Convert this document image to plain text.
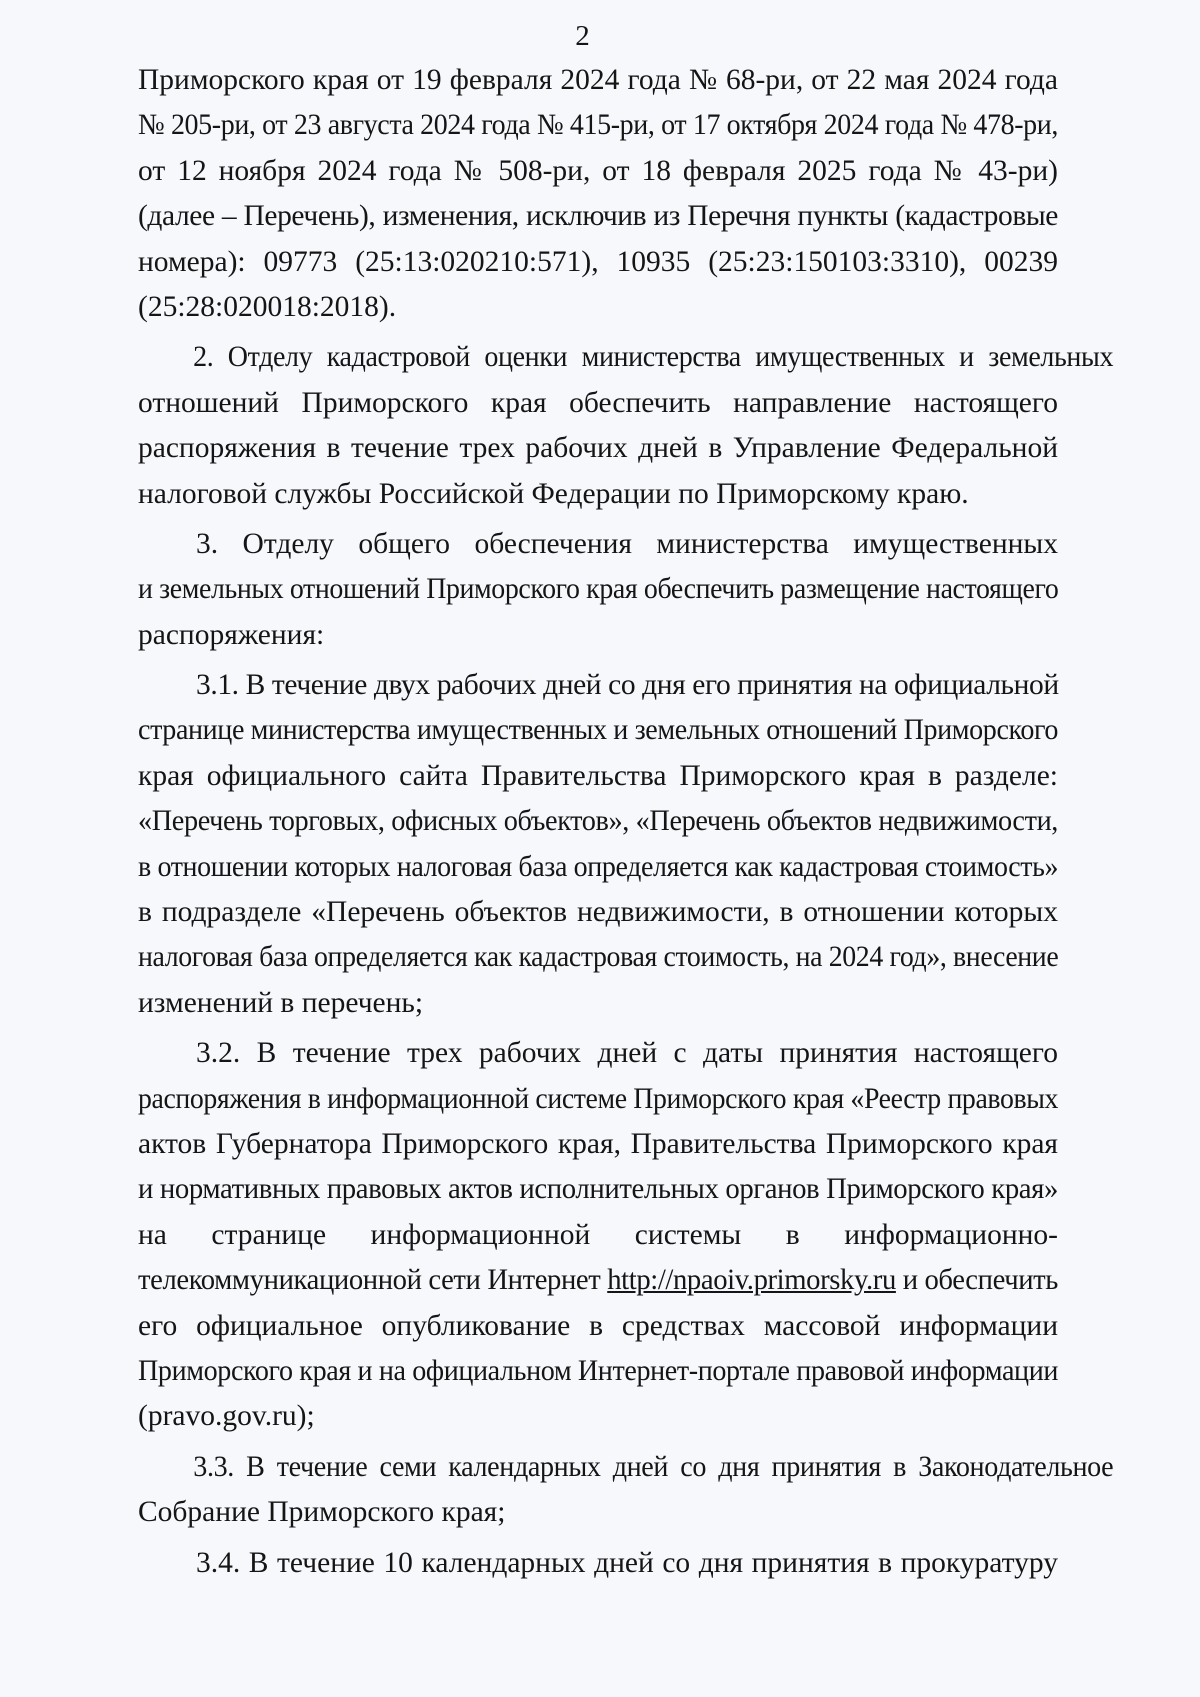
2
Приморского края от 19 февраля 2024 года № 68-ри, от 22 мая 2024 года
№ 205-ри, от 23 августа 2024 года № 415-ри, от 17 октября 2024 года № 478-ри,
от 12 ноября 2024 года № 508-ри, от 18 февраля 2025 года № 43-ри)
(далее – Перечень), изменения, исключив из Перечня пункты (кадастровые
номера): 09773 (25:13:020210:571), 10935 (25:23:150103:3310), 00239
(25:28:020018:2018).
2. Отделу кадастровой оценки министерства имущественных и земельных
отношений Приморского края обеспечить направление настоящего
распоряжения в течение трех рабочих дней в Управление Федеральной
налоговой службы Российской Федерации по Приморскому краю.
3. Отделу общего обеспечения министерства имущественных
и земельных отношений Приморского края обеспечить размещение настоящего
распоряжения:
3.1. В течение двух рабочих дней со дня его принятия на официальной
странице министерства имущественных и земельных отношений Приморского
края официального сайта Правительства Приморского края в разделе:
«Перечень торговых, офисных объектов», «Перечень объектов недвижимости,
в отношении которых налоговая база определяется как кадастровая стоимость»
в подразделе «Перечень объектов недвижимости, в отношении которых
налоговая база определяется как кадастровая стоимость, на 2024 год», внесение
изменений в перечень;
3.2. В течение трех рабочих дней с даты принятия настоящего
распоряжения в информационной системе Приморского края «Реестр правовых
актов Губернатора Приморского края, Правительства Приморского края
и нормативных правовых актов исполнительных органов Приморского края»
на странице информационной системы в информационно-
телекоммуникационной сети Интернет http://npaoiv.primorsky.ru и обеспечить
его официальное опубликование в средствах массовой информации
Приморского края и на официальном Интернет-портале правовой информации
(pravo.gov.ru);
3.3. В течение семи календарных дней со дня принятия в Законодательное
Собрание Приморского края;
3.4. В течение 10 календарных дней со дня принятия в прокуратуру
